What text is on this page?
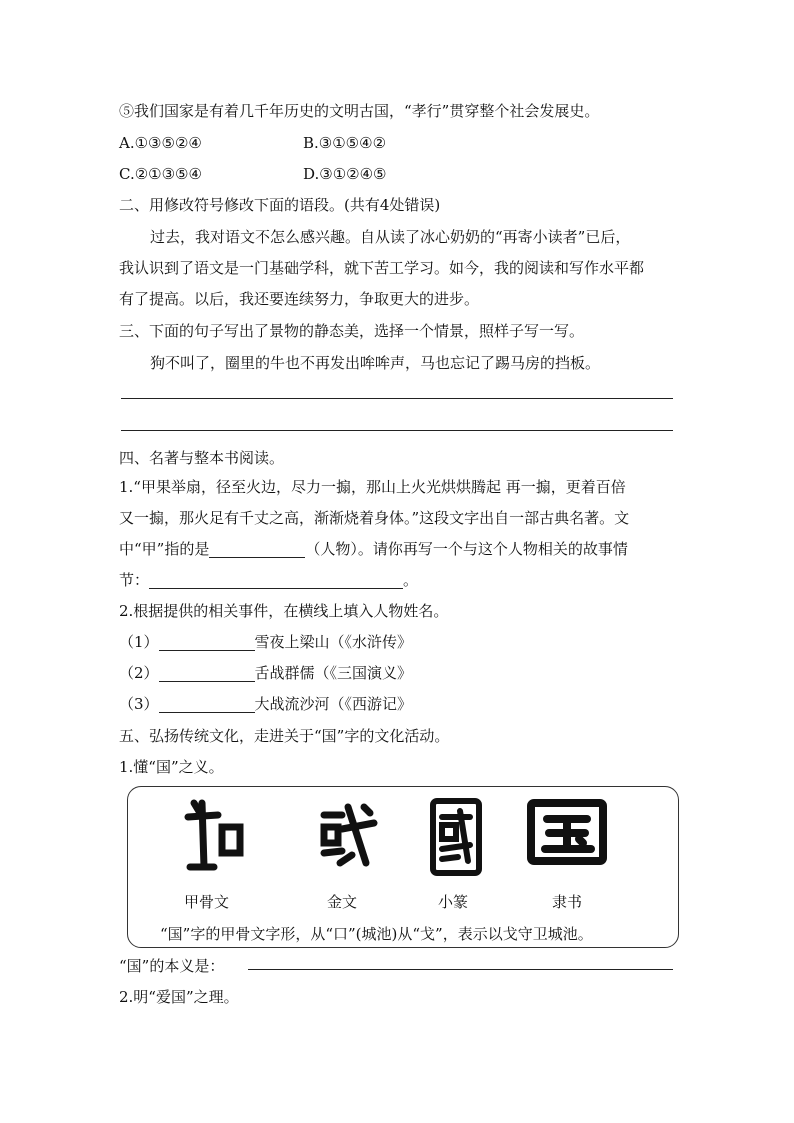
⑤我们国家是有着几千年历史的文明古国，“孝行”贯穿整个社会发展史。
A.①③⑤②④	B.③①⑤④②
C.②①③⑤④	D.③①②④⑤
二、用修改符号修改下面的语段。(共有4处错误)
过去，我对语文不怎么感兴趣。自从读了冰心奶奶的“再寄小读者”已后，
我认识到了语文是一门基础学科，就下苦工学习。如今，我的阅读和写作水平都
有了提高。以后，我还要连续努力，争取更大的进步。
三、下面的句子写出了景物的静态美，选择一个情景，照样子写一写。
狗不叫了，圈里的牛也不再发出哞哞声，马也忘记了踢马房的挡板。
四、名著与整本书阅读。
1.“甲果举扇，径至火边，尽力一搧，那山上火光烘烘腾起 再一搧，更着百倍
又一搧，那火足有千丈之高，渐渐烧着身体。”这段文字出自一部古典名著。文
中“甲”指的是	（人物）。请你再写一个与这个人物相关的故事情
节：	。
2.根据提供的相关事件，在横线上填入人物姓名。
（1）	雪夜上梁山（《水浒传》
（2）	舌战群儒（《三国演义》
（3）	大战流沙河（《西游记》
五、弘扬传统文化，走进关于“国”字的文化活动。
1.懂“国”之义。
甲骨文	金文	小篆	隶书
“国”字的甲骨文字形，从“口”(城池)从“戈”，表示以戈守卫城池。
“国”的本义是：
2.明“爱国”之理。
